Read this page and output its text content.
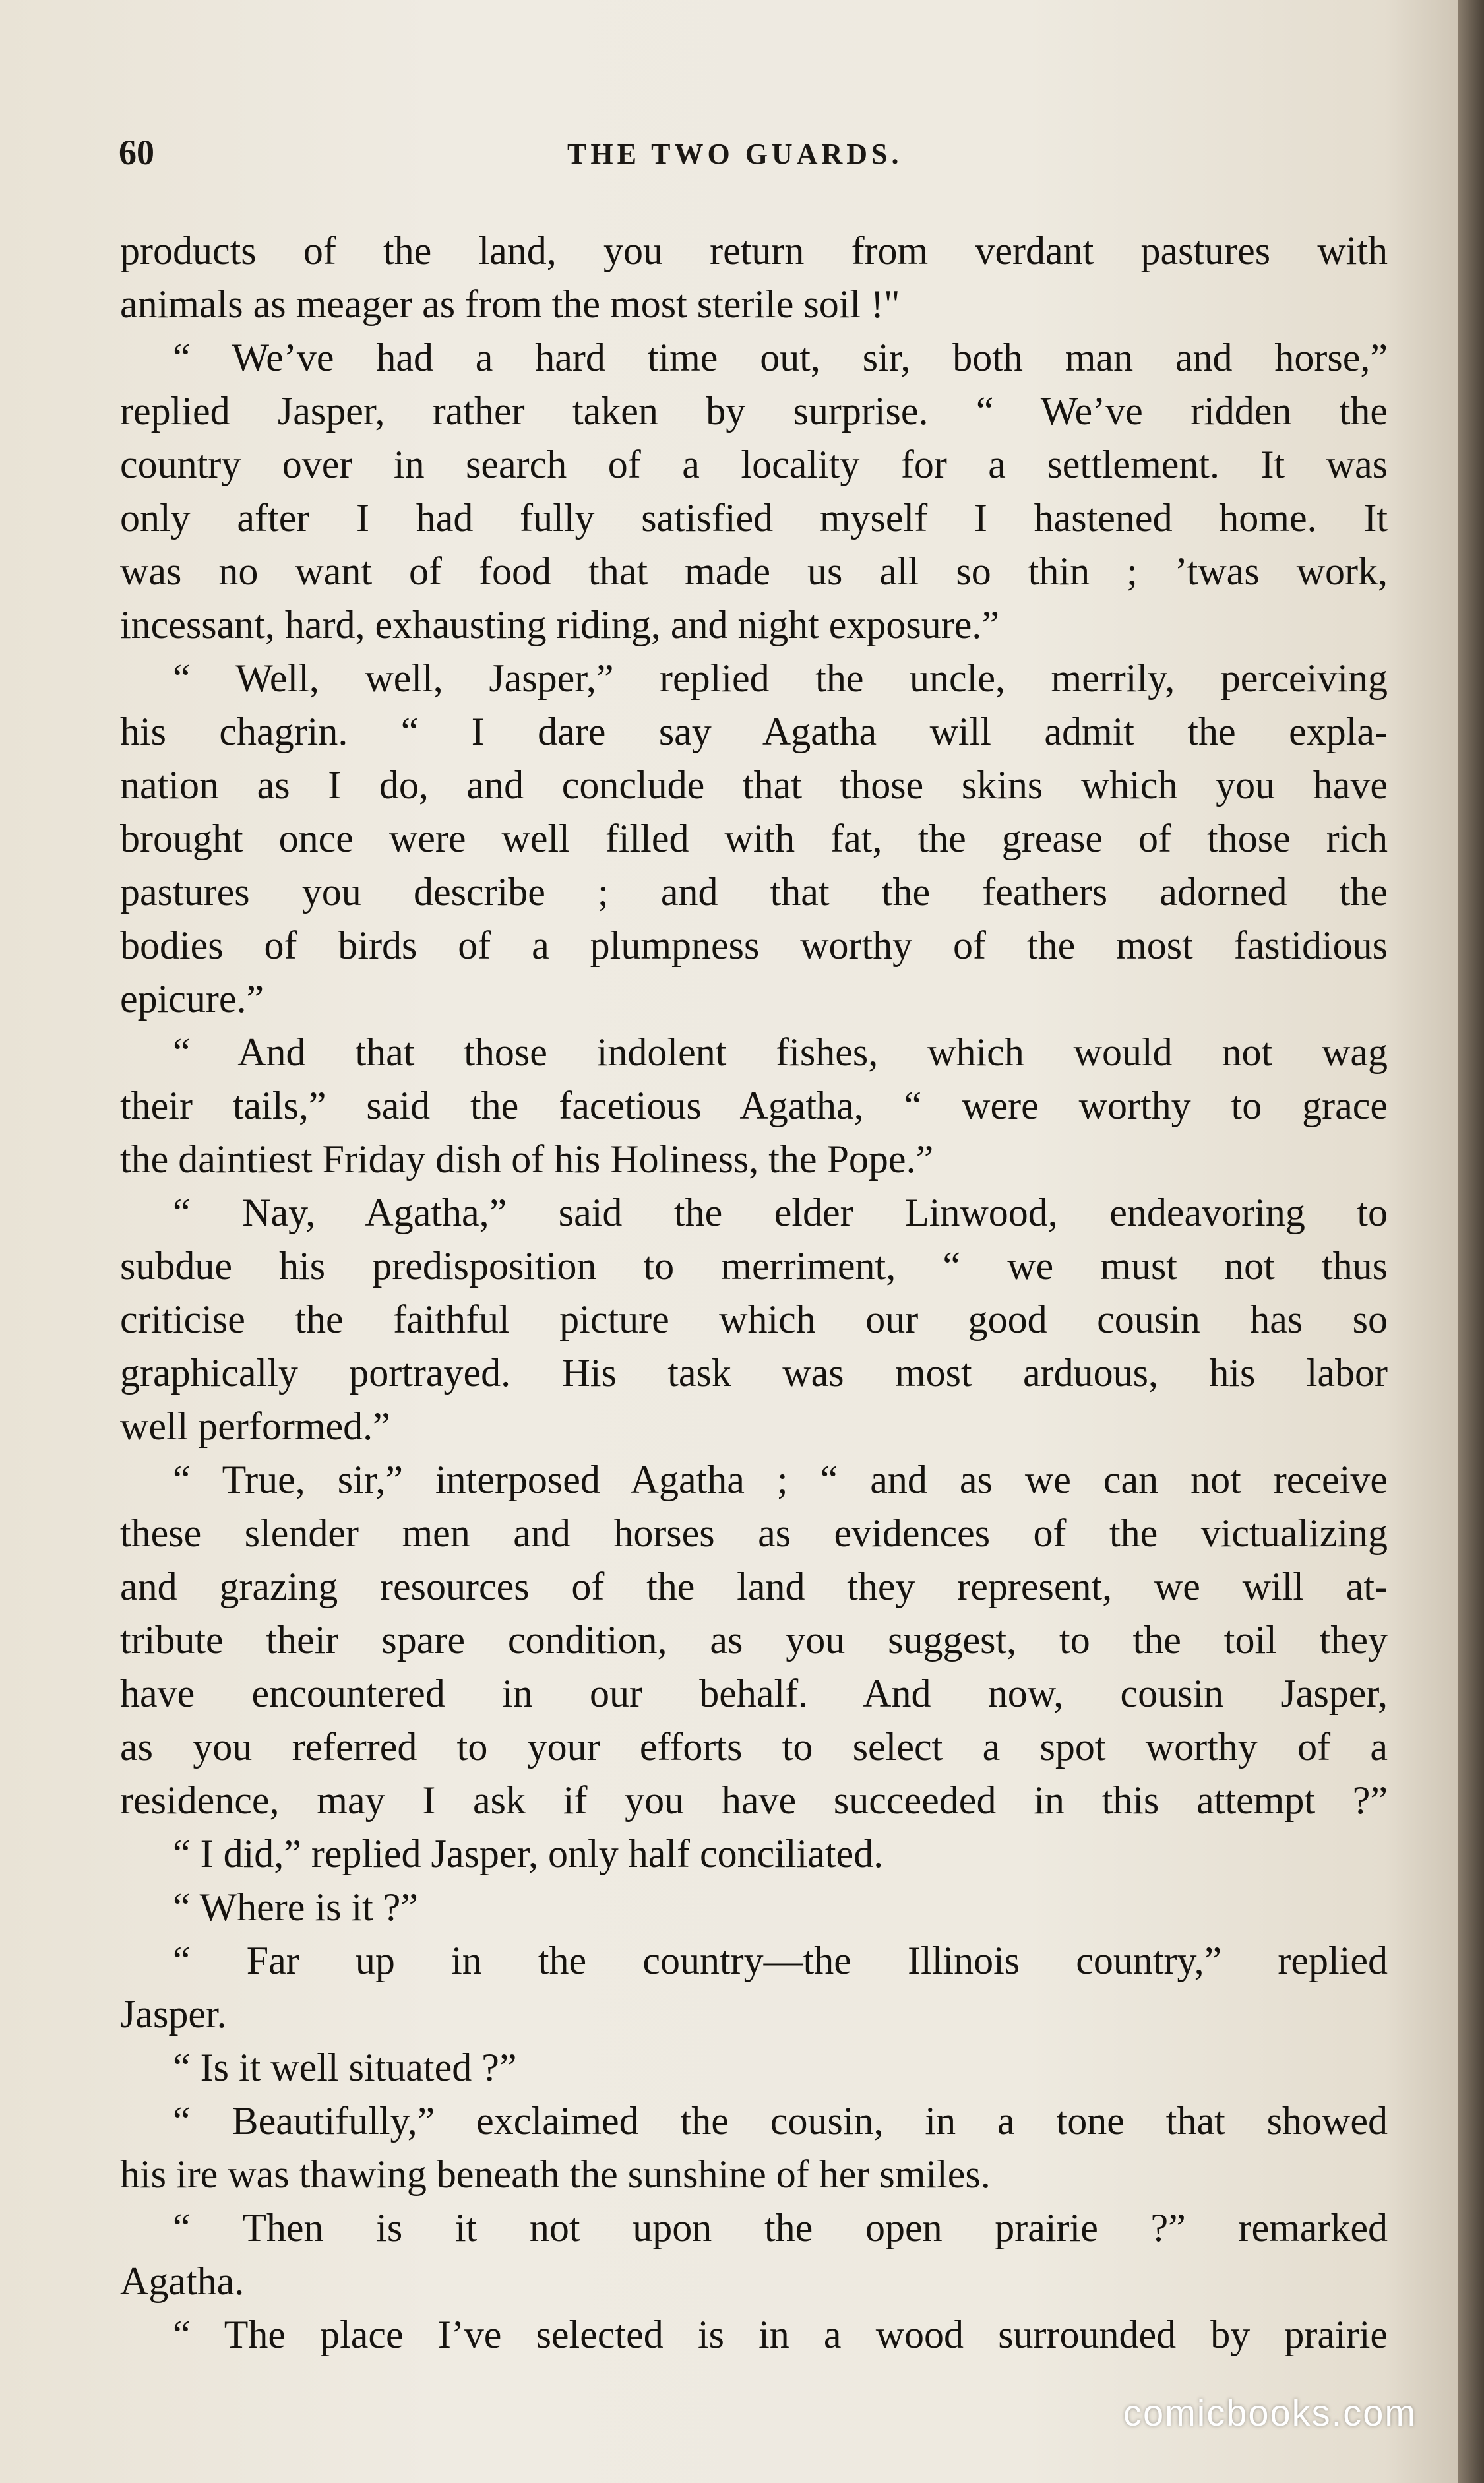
60	THE TWO GUARDS.
products of the land, you return from verdant pastures with
animals as meager as from the most sterile soil !"
“ We’ve had a hard time out, sir, both man and horse,”
replied Jasper, rather taken by surprise. “ We’ve ridden the
country over in search of a locality for a settlement. It was
only after I had fully satisfied myself I hastened home. It
was no want of food that made us all so thin ; ’twas work,
incessant, hard, exhausting riding, and night exposure.”
“ Well, well, Jasper,” replied the uncle, merrily, perceiving
his chagrin. “ I dare say Agatha will admit the expla-
nation as I do, and conclude that those skins which you have
brought once were well filled with fat, the grease of those rich
pastures you describe ; and that the feathers adorned the
bodies of birds of a plumpness worthy of the most fastidious
epicure.”
“ And that those indolent fishes, which would not wag
their tails,” said the facetious Agatha, “ were worthy to grace
the daintiest Friday dish of his Holiness, the Pope.”
“ Nay, Agatha,” said the elder Linwood, endeavoring to
subdue his predisposition to merriment, “ we must not thus
criticise the faithful picture which our good cousin has so
graphically portrayed. His task was most arduous, his labor
well performed.”
“ True, sir,” interposed Agatha ; “ and as we can not receive
these slender men and horses as evidences of the victualizing
and grazing resources of the land they represent, we will at-
tribute their spare condition, as you suggest, to the toil they
have encountered in our behalf. And now, cousin Jasper,
as you referred to your efforts to select a spot worthy of a
residence, may I ask if you have succeeded in this attempt ?”
“ I did,” replied Jasper, only half conciliated.
“ Where is it ?”
“ Far up in the country—the Illinois country,” replied
Jasper.
“ Is it well situated ?”
“ Beautifully,” exclaimed the cousin, in a tone that showed
his ire was thawing beneath the sunshine of her smiles.
“ Then is it not upon the open prairie ?” remarked
Agatha.
“ The place I’ve selected is in a wood surrounded by prairie
comicbooks.com
